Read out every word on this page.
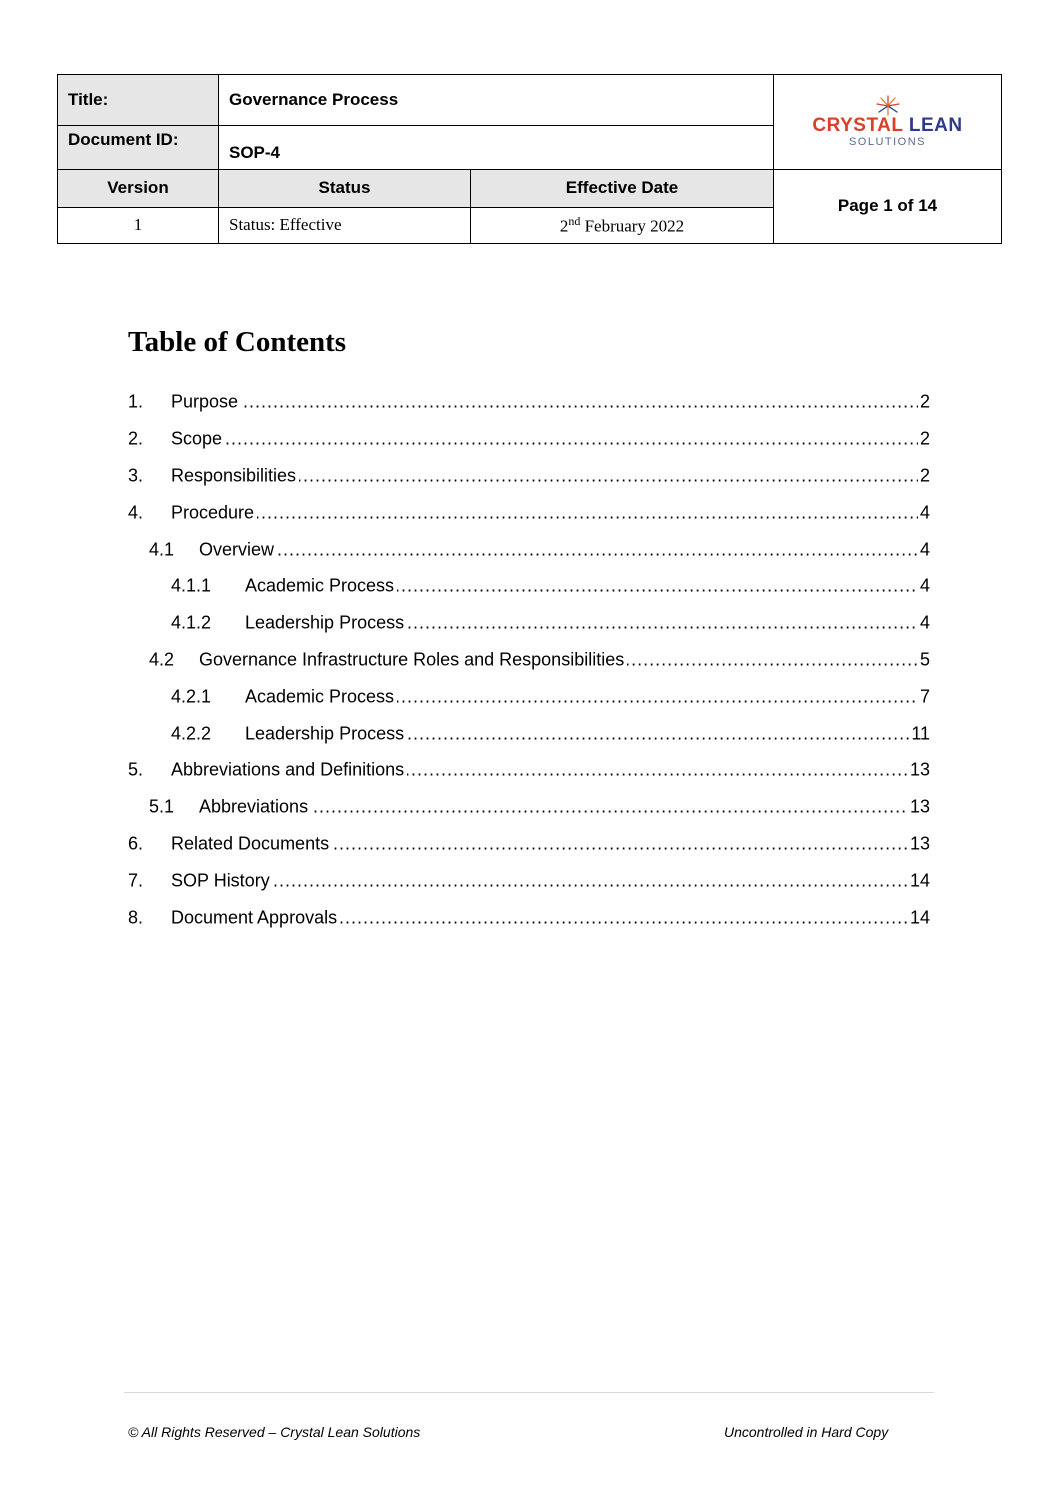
Title:	Governance Process		CRYSTAL LEAN
SOLUTIONS

Document ID:	SOP-4		
Version	Status	Effective Date	Page 1 of 14
1	Status: Effective	2nd February 2022	
Table of Contents
1. ..... Purpose	2
2. ..... Scope	2
3. ..... Responsibilities	2
4. ..... Procedure	4
4.1 ..... Overview	4
4.1.1 ..... Academic Process	4
4.1.2 ..... Leadership Process	4
4.2 ..... Governance Infrastructure Roles and Responsibilities	5
4.2.1 ..... Academic Process	7
4.2.2 ..... Leadership Process	11
5. ..... Abbreviations and Definitions	13
5.1 ..... Abbreviations	13
6. ..... Related Documents	13
7. ..... SOP History	14
8. ..... Document Approvals	14
© All Rights Reserved – Crystal Lean Solutions	Uncontrolled in Hard Copy
